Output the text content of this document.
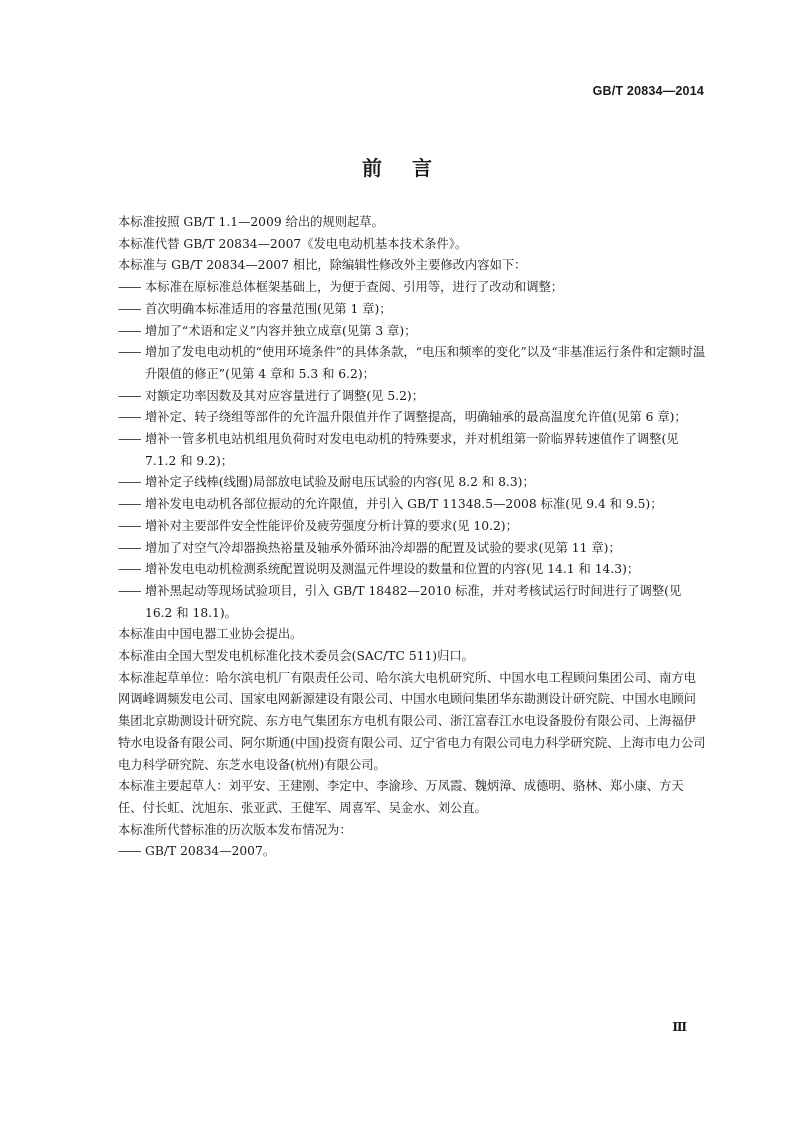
GB/T 20834—2014
前言

本标准按照 GB/T 1.1—2009 给出的规则起草。

本标准代替 GB/T 20834—2007《发电电动机基本技术条件》。

本标准与 GB/T 20834—2007 相比，除编辑性修改外主要修改内容如下：

—— 本标准在原标准总体框架基础上，为便于查阅、引用等，进行了改动和调整；
—— 首次明确本标准适用的容量范围(见第 1 章)；
—— 增加了“术语和定义”内容并独立成章(见第 3 章)；
—— 增加了发电电动机的“使用环境条件”的具体条款，“电压和频率的变化”以及“非基准运行条件和定额时温升限值的修正”(见第 4 章和 5.3 和 6.2)；
—— 对额定功率因数及其对应容量进行了调整(见 5.2)；
—— 增补定、转子绕组等部件的允许温升限值并作了调整提高，明确轴承的最高温度允许值(见第 6 章)；
—— 增补一管多机电站机组甩负荷时对发电电动机的特殊要求，并对机组第一阶临界转速值作了调整(见 7.1.2 和 9.2)；
—— 增补定子线棒(线圈)局部放电试验及耐电压试验的内容(见 8.2 和 8.3)；
—— 增补发电电动机各部位振动的允许限值，并引入 GB/T 11348.5—2008 标准(见 9.4 和 9.5)；
—— 增补对主要部件安全性能评价及疲劳强度分析计算的要求(见 10.2)；
—— 增加了对空气冷却器换热裕量及轴承外循环油冷却器的配置及试验的要求(见第 11 章)；
—— 增补发电电动机检测系统配置说明及测温元件埋设的数量和位置的内容(见 14.1 和 14.3)；
—— 增补黑起动等现场试验项目，引入 GB/T 18482—2010 标准，并对考核试运行时间进行了调整(见 16.2 和 18.1)。

本标准由中国电器工业协会提出。

本标准由全国大型发电机标准化技术委员会(SAC/TC 511)归口。

本标准起草单位：哈尔滨电机厂有限责任公司、哈尔滨大电机研究所、中国水电工程顾问集团公司、南方电网调峰调频发电公司、国家电网新源建设有限公司、中国水电顾问集团华东勘测设计研究院、中国水电顾问集团北京勘测设计研究院、东方电气集团东方电机有限公司、浙江富春江水电设备股份有限公司、上海福伊特水电设备有限公司、阿尔斯通(中国)投资有限公司、辽宁省电力有限公司电力科学研究院、上海市电力公司电力科学研究院、东芝水电设备(杭州)有限公司。

本标准主要起草人：刘平安、王建刚、李定中、李渝珍、万凤霞、魏炳漳、成德明、骆林、郑小康、方天任、付长虹、沈旭东、张亚武、王健军、周喜军、吴金水、刘公直。

本标准所代替标准的历次版本发布情况为：

—— GB/T 20834—2007。
Ⅲ
